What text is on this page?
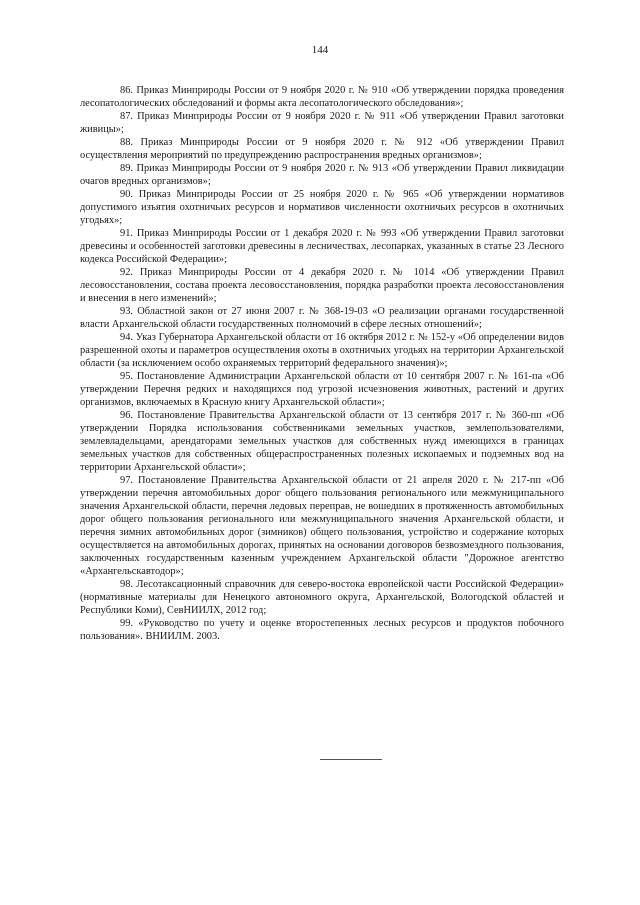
144

86. Приказ Минприроды России от 9 ноября 2020 г. № 910 «Об утверждении порядка проведения лесопатологических обследований и формы акта лесопатологического обследования»;

87. Приказ Минприроды России от 9 ноября 2020 г. № 911 «Об утверждении Правил заготовки живицы»;

88. Приказ Минприроды России от 9 ноября 2020 г. № 912 «Об утверждении Правил осуществления мероприятий по предупреждению распространения вредных организмов»;

89. Приказ Минприроды России от 9 ноября 2020 г. № 913 «Об утверждении Правил ликвидации очагов вредных организмов»;

90. Приказ Минприроды России от 25 ноября 2020 г. № 965 «Об утверждении нормативов допустимого изъятия охотничьих ресурсов и нормативов численности охотничьих ресурсов в охотничьих угодьях»;

91. Приказ Минприроды России от 1 декабря 2020 г. № 993 «Об утверждении Правил заготовки древесины и особенностей заготовки древесины в лесничествах, лесопарках, указанных в статье 23 Лесного кодекса Российской Федерации»;

92. Приказ Минприроды России от 4 декабря 2020 г. № 1014 «Об утверждении Правил лесовосстановления, состава проекта лесовосстановления, порядка разработки проекта лесовосстановления и внесения в него изменений»;

93. Областной закон от 27 июня 2007 г. № 368-19-03 «О реализации органами государственной власти Архангельской области государственных полномочий в сфере лесных отношений»;

94. Указ Губернатора Архангельской области от 16 октября 2012 г. № 152-у «Об определении видов разрешенной охоты и параметров осуществления охоты в охотничьих угодьях на территории Архангельской области (за исключением особо охраняемых территорий федерального значения)»;

95. Постановление Администрации Архангельской области от 10 сентября 2007 г. № 161-па «Об утверждении Перечня редких и находящихся под угрозой исчезновения животных, растений и других организмов, включаемых в Красную книгу Архангельской области»;

96. Постановление Правительства Архангельской области от 13 сентября 2017 г. № 360-пп «Об утверждении Порядка использования собственниками земельных участков, землепользователями, землевладельцами, арендаторами земельных участков для собственных нужд имеющихся в границах земельных участков для собственных общераспространенных полезных ископаемых и подземных вод на территории Архангельской области»;

97. Постановление Правительства Архангельской области от 21 апреля 2020 г. № 217-пп «Об утверждении перечня автомобильных дорог общего пользования регионального или межмуниципального значения Архангельской области, перечня ледовых переправ, не вошедших в протяженность автомобильных дорог общего пользования регионального или межмуниципального значения Архангельской области, и перечня зимних автомобильных дорог (зимников) общего пользования, устройство и содержание которых осуществляется на автомобильных дорогах, принятых на основании договоров безвозмездного пользования, заключенных государственным казенным учреждением Архангельской области "Дорожное агентство «Архангельскавтодор»;

98. Лесотаксационный справочник для северо-востока европейской части Российской Федерации» (нормативные материалы для Ненецкого автономного округа, Архангельской, Вологодской областей и Республики Коми), СевНИИЛХ, 2012 год;

99. «Руководство по учету и оценке второстепенных лесных ресурсов и продуктов побочного пользования». ВНИИЛМ. 2003.
